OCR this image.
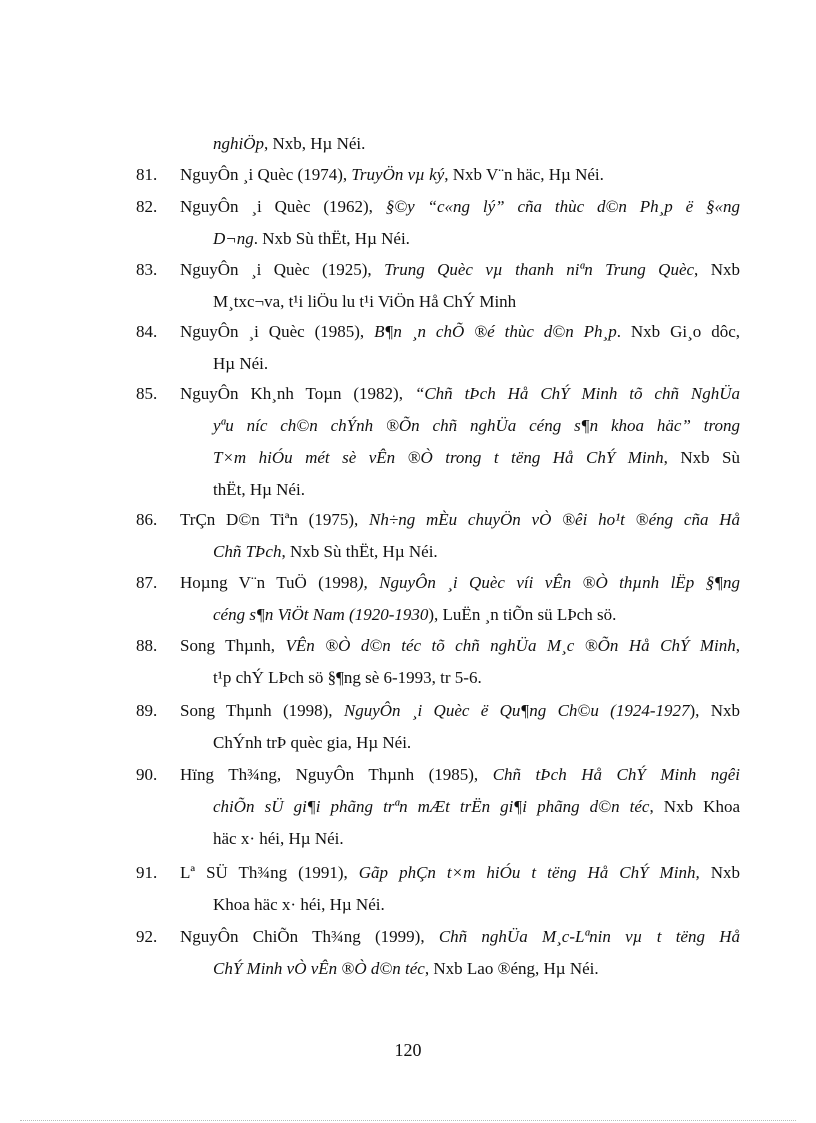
nghiÖp, Nxb, Hµ Néi.
81.	NguyÔn ¸i Quèc (1974), TruyÖn vµ ký, Nxb V¨n häc, Hµ Néi.
82.	NguyÔn ¸i Quèc (1962), §©y “c«ng lý” cña thùc d©n Ph¸p ë §«ng
D¬ng. Nxb Sù thËt, Hµ Néi.
83.	NguyÔn ¸i Quèc (1925), Trung Quèc vµ thanh niªn Trung Quèc, Nxb
M¸txc¬va, t¹i liÖu lu t¹i ViÖn Hå ChÝ Minh
84.	NguyÔn ¸i Quèc (1985), B¶n ¸n chÕ ®é thùc d©n Ph¸p. Nxb Gi¸o dôc,
Hµ Néi.
85.	NguyÔn Kh¸nh Toµn (1982), “Chñ tÞch Hå ChÝ Minh tõ chñ NghÜa
yªu níc ch©n chÝnh ®Õn chñ nghÜa céng s¶n khoa häc” trong
T×m hiÓu mét sè vÊn ®Ò trong t tëng Hå ChÝ Minh, Nxb Sù
thËt, Hµ Néi.
86.	TrÇn D©n Tiªn (1975), Nh÷ng mÈu chuyÖn vÒ ®êi ho¹t ®éng cña Hå
Chñ TÞch, Nxb Sù thËt, Hµ Néi.
87.	Hoµng V¨n TuÖ (1998), NguyÔn ¸i Quèc víi vÊn ®Ò thµnh lËp §¶ng
céng s¶n ViÖt Nam (1920-1930), LuËn ¸n tiÕn sü LÞch sö.
88.	Song Thµnh, VÊn ®Ò d©n téc tõ chñ nghÜa M¸c ®Õn Hå ChÝ Minh,
t¹p chÝ LÞch sö §¶ng sè 6-1993, tr 5-6.
89.	Song Thµnh (1998), NguyÔn ¸i Quèc ë Qu¶ng Ch©u (1924-1927), Nxb
ChÝnh trÞ quèc gia, Hµ Néi.
90.	Hïng Th¾ng, NguyÔn Thµnh (1985), Chñ tÞch Hå ChÝ Minh ngêi
chiÕn sÜ gi¶i phãng trªn mÆt trËn gi¶i phãng d©n téc, Nxb Khoa
häc x· héi, Hµ Néi.
91.	Lª SÜ Th¾ng (1991), Gãp phÇn t×m hiÓu t tëng Hå ChÝ Minh, Nxb
Khoa häc x· héi, Hµ Néi.
92.	NguyÔn ChiÕn Th¾ng (1999), Chñ nghÜa M¸c-Lªnin vµ t tëng Hå
ChÝ Minh vÒ vÊn ®Ò d©n téc, Nxb Lao ®éng, Hµ Néi.
120
